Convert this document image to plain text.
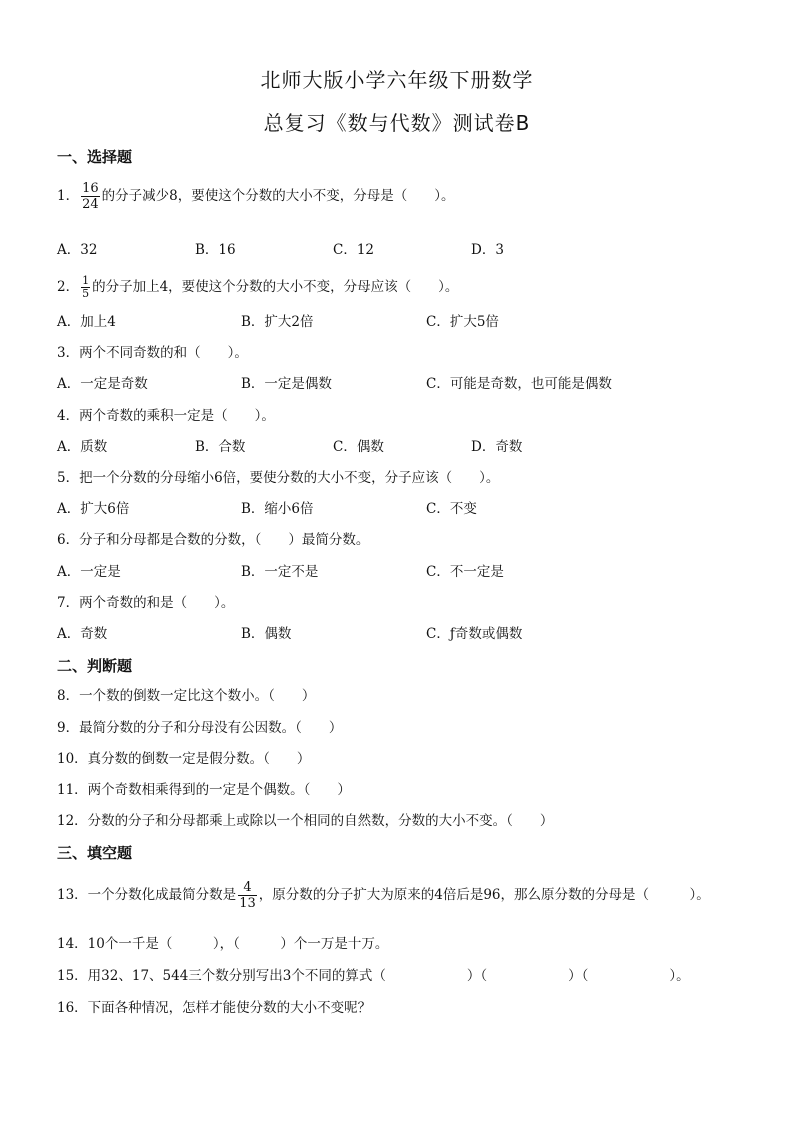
北师大版小学六年级下册数学
总复习《数与代数》测试卷B
一、选择题
1． $\frac{16}{24}$ 的分子减少8，要使这个分数的大小不变，分母是（　　）。
A．32	B．16	C．12	D．3
2． $\frac{1}{5}$ 的分子加上4，要使这个分数的大小不变，分母应该（　　）。
A．加上4	B．扩大2倍	C．扩大5倍
3．两个不同奇数的和（　　）。
A．一定是奇数	B．一定是偶数	C．可能是奇数，也可能是偶数
4．两个奇数的乘积一定是（　　）。
A．质数	B．合数	C．偶数	D．奇数
5．把一个分数的分母缩小6倍，要使分数的大小不变，分子应该（　　）。
A．扩大6倍	B．缩小6倍	C．不变
6．分子和分母都是合数的分数，（　　）最简分数。
A．一定是	B．一定不是	C．不一定是
7．两个奇数的和是（　　）。
A．奇数	B．偶数	C．ƒ奇数或偶数
二、判断题
8．一个数的倒数一定比这个数小。（　　）
9．最简分数的分子和分母没有公因数。（　　）
10．真分数的倒数一定是假分数。（　　）
11．两个奇数相乘得到的一定是个偶数。（　　）
12．分数的分子和分母都乘上或除以一个相同的自然数，分数的大小不变。（　　）
三、填空题
13．一个分数化成最简分数是 $\frac{4}{13}$ ，原分数的分子扩大为原来的4倍后是96，那么原分数的分母是（　　　）。
14．10个一千是（　　　），（　　　）个一万是十万。
15．用32、17、544三个数分别写出3个不同的算式（　　　　　　）（　　　　　　）（　　　　　　）。
16．下面各种情况，怎样才能使分数的大小不变呢？
